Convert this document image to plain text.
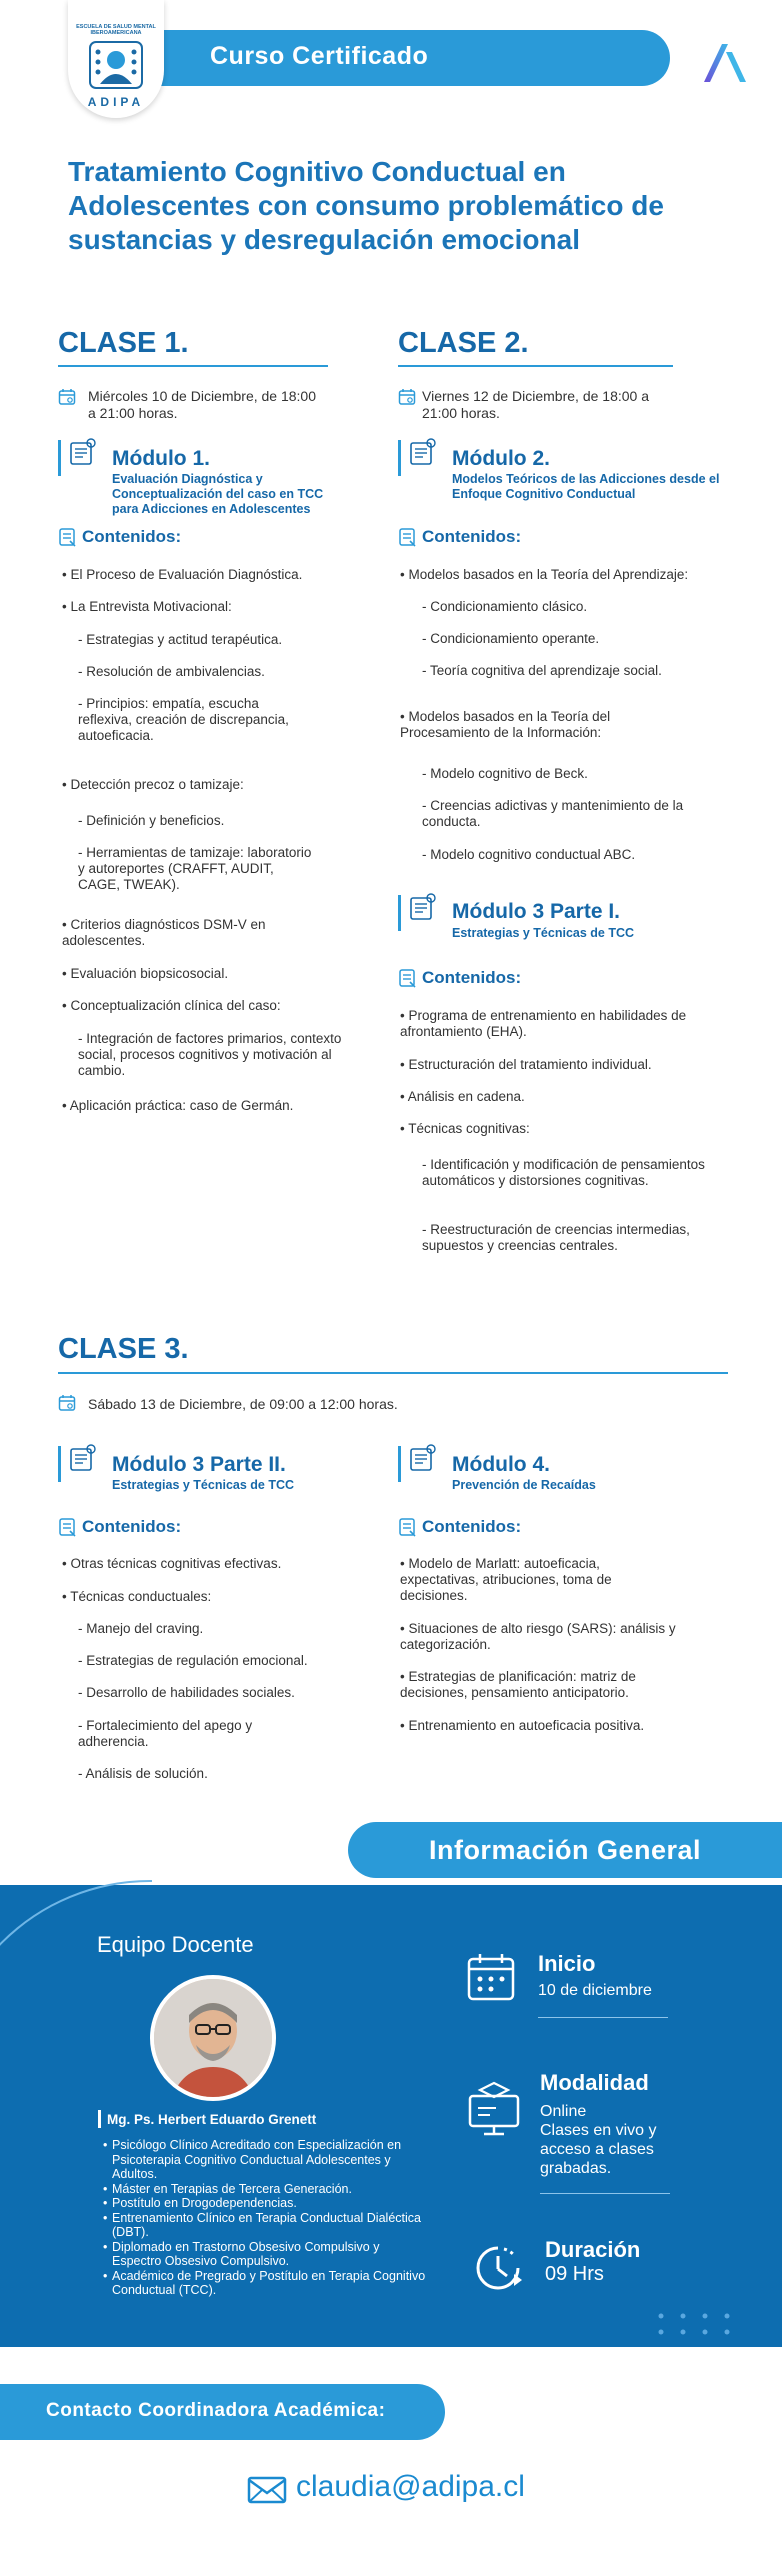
Curso Certificado
ESCUELA DE SALUD MENTAL IBEROAMERICANA
ADIPA
Tratamiento Cognitivo Conductual en Adolescentes con consumo problemático de sustancias y desregulación emocional
CLASE 1.
Miércoles 10 de Diciembre, de 18:00 a 21:00 horas.
Módulo 1.
Evaluación Diagnóstica y Conceptualización del caso en TCC para Adicciones en Adolescentes
Contenidos:
• El Proceso de Evaluación Diagnóstica.
• La Entrevista Motivacional:
- Estrategias y actitud terapéutica.
- Resolución de ambivalencias.
- Principios: empatía, escucha reflexiva, creación de discrepancia, autoeficacia.
• Detección precoz o tamizaje:
- Definición y beneficios.
- Herramientas de tamizaje: laboratorio y autoreportes (CRAFFT, AUDIT, CAGE, TWEAK).
• Criterios diagnósticos DSM-V en adolescentes.
• Evaluación biopsicosocial.
• Conceptualización clínica del caso:
- Integración de factores primarios, contexto social, procesos cognitivos y motivación al cambio.
• Aplicación práctica: caso de Germán.
CLASE 2.
Viernes 12 de Diciembre, de 18:00 a 21:00 horas.
Módulo 2.
Modelos Teóricos de las Adicciones desde el Enfoque Cognitivo Conductual
Contenidos:
• Modelos basados en la Teoría del Aprendizaje:
- Condicionamiento clásico.
- Condicionamiento operante.
- Teoría cognitiva del aprendizaje social.
• Modelos basados en la Teoría del Procesamiento de la Información:
- Modelo cognitivo de Beck.
- Creencias adictivas y mantenimiento de la conducta.
- Modelo cognitivo conductual ABC.
Módulo 3 Parte I.
Estrategias y Técnicas de TCC
Contenidos:
• Programa de entrenamiento en habilidades de afrontamiento (EHA).
• Estructuración del tratamiento individual.
• Análisis en cadena.
• Técnicas cognitivas:
- Identificación y modificación de pensamientos automáticos y distorsiones cognitivas.
- Reestructuración de creencias intermedias, supuestos y creencias centrales.
CLASE 3.
Sábado 13 de Diciembre, de 09:00 a 12:00 horas.
Módulo 3 Parte II.
Estrategias y Técnicas de TCC
Contenidos:
• Otras técnicas cognitivas efectivas.
• Técnicas conductuales:
- Manejo del craving.
- Estrategias de regulación emocional.
- Desarrollo de habilidades sociales.
- Fortalecimiento del apego y adherencia.
- Análisis de solución.
Módulo 4.
Prevención de Recaídas
Contenidos:
• Modelo de Marlatt: autoeficacia, expectativas, atribuciones, toma de decisiones.
• Situaciones de alto riesgo (SARS): análisis y categorización.
• Estrategias de planificación: matriz de decisiones, pensamiento anticipatorio.
• Entrenamiento en autoeficacia positiva.
Información General
Equipo Docente
Mg. Ps. Herbert Eduardo Grenett
• Psicólogo Clínico Acreditado con Especialización en Psicoterapia Cognitivo Conductual Adolescentes y Adultos.
• Máster en Terapias de Tercera Generación.
• Postítulo en Drogodependencias.
• Entrenamiento Clínico en Terapia Conductual Dialéctica (DBT).
• Diplomado en Trastorno Obsesivo Compulsivo y Espectro Obsesivo Compulsivo.
• Académico de Pregrado y Postítulo en Terapia Cognitivo Conductual (TCC).
Inicio
10 de diciembre
Modalidad
Online
Clases en vivo y acceso a clases grabadas.
Duración
09 Hrs
Contacto Coordinadora Académica:
claudia@adipa.cl
